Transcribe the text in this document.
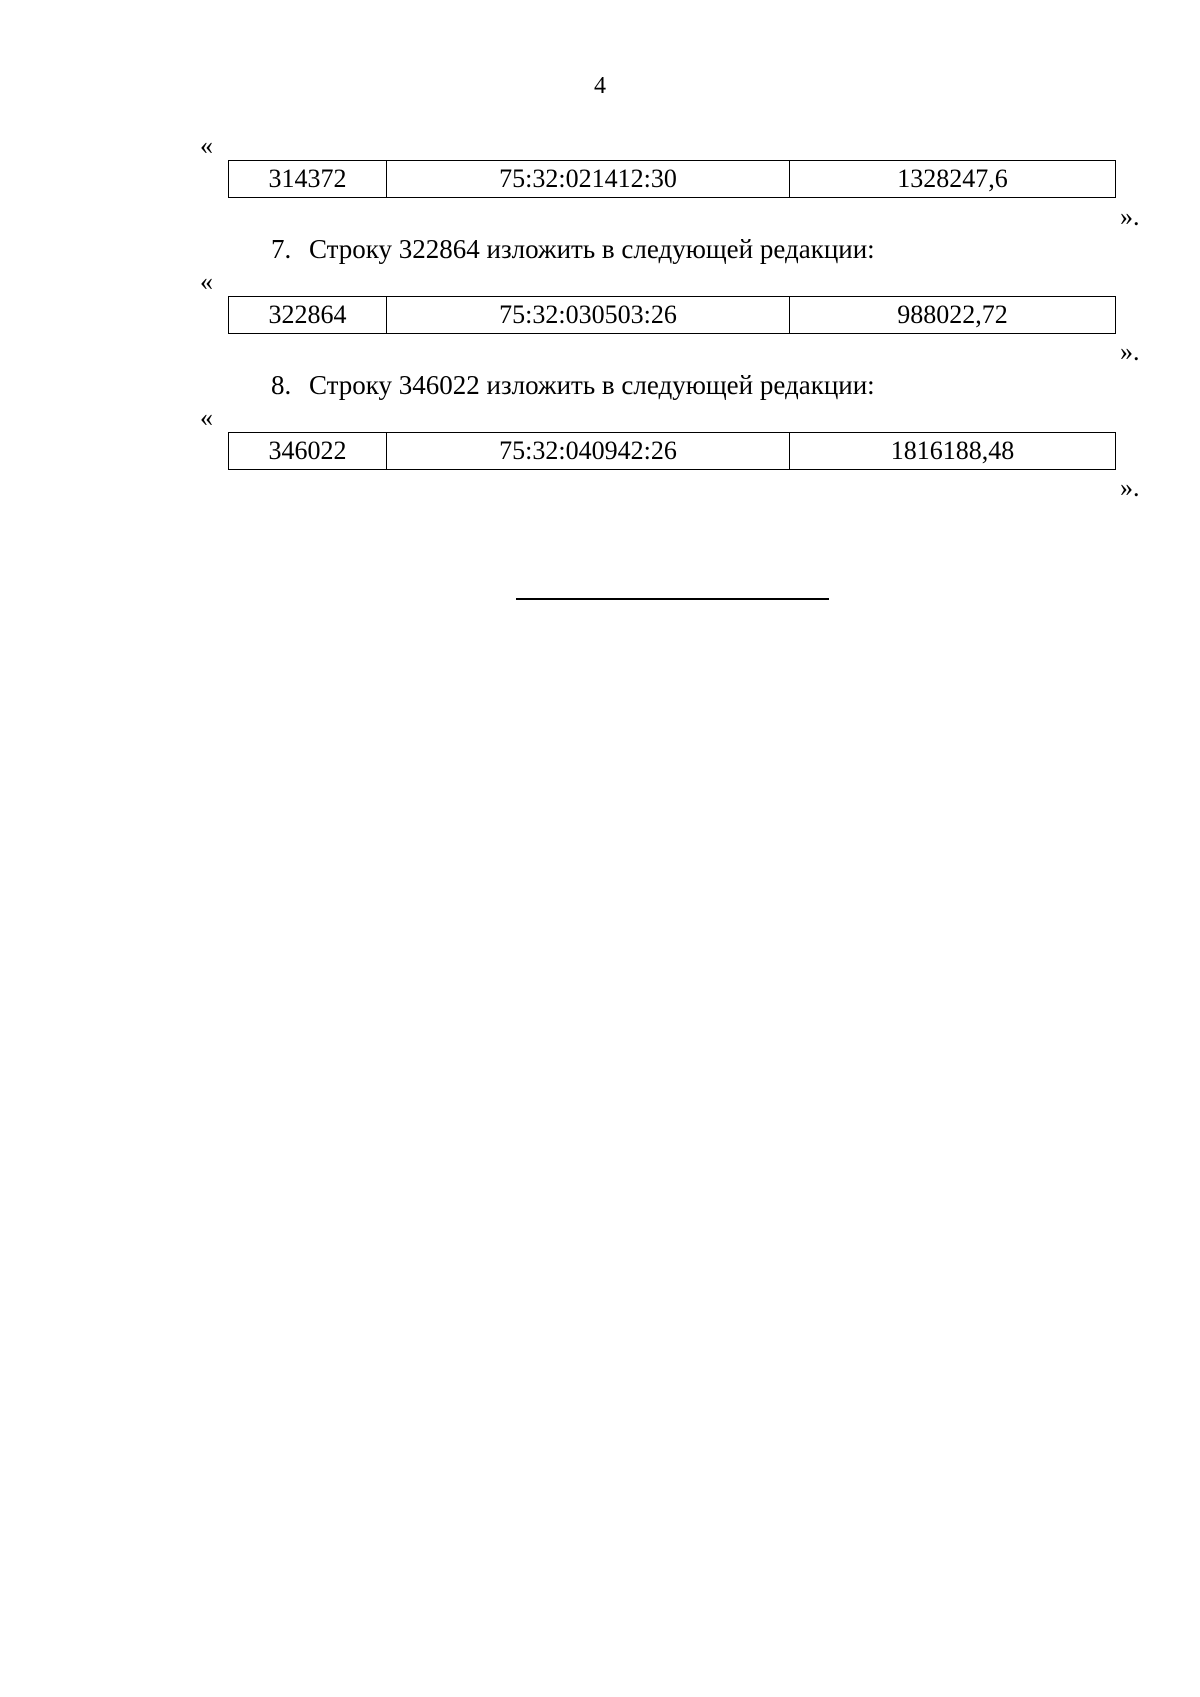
4
«
314372	75:32:021412:30	1328247,6
».
7. Строку 322864 изложить в следующей редакции:
«
322864	75:32:030503:26	988022,72
».
8. Строку 346022 изложить в следующей редакции:
«
346022	75:32:040942:26	1816188,48
».
